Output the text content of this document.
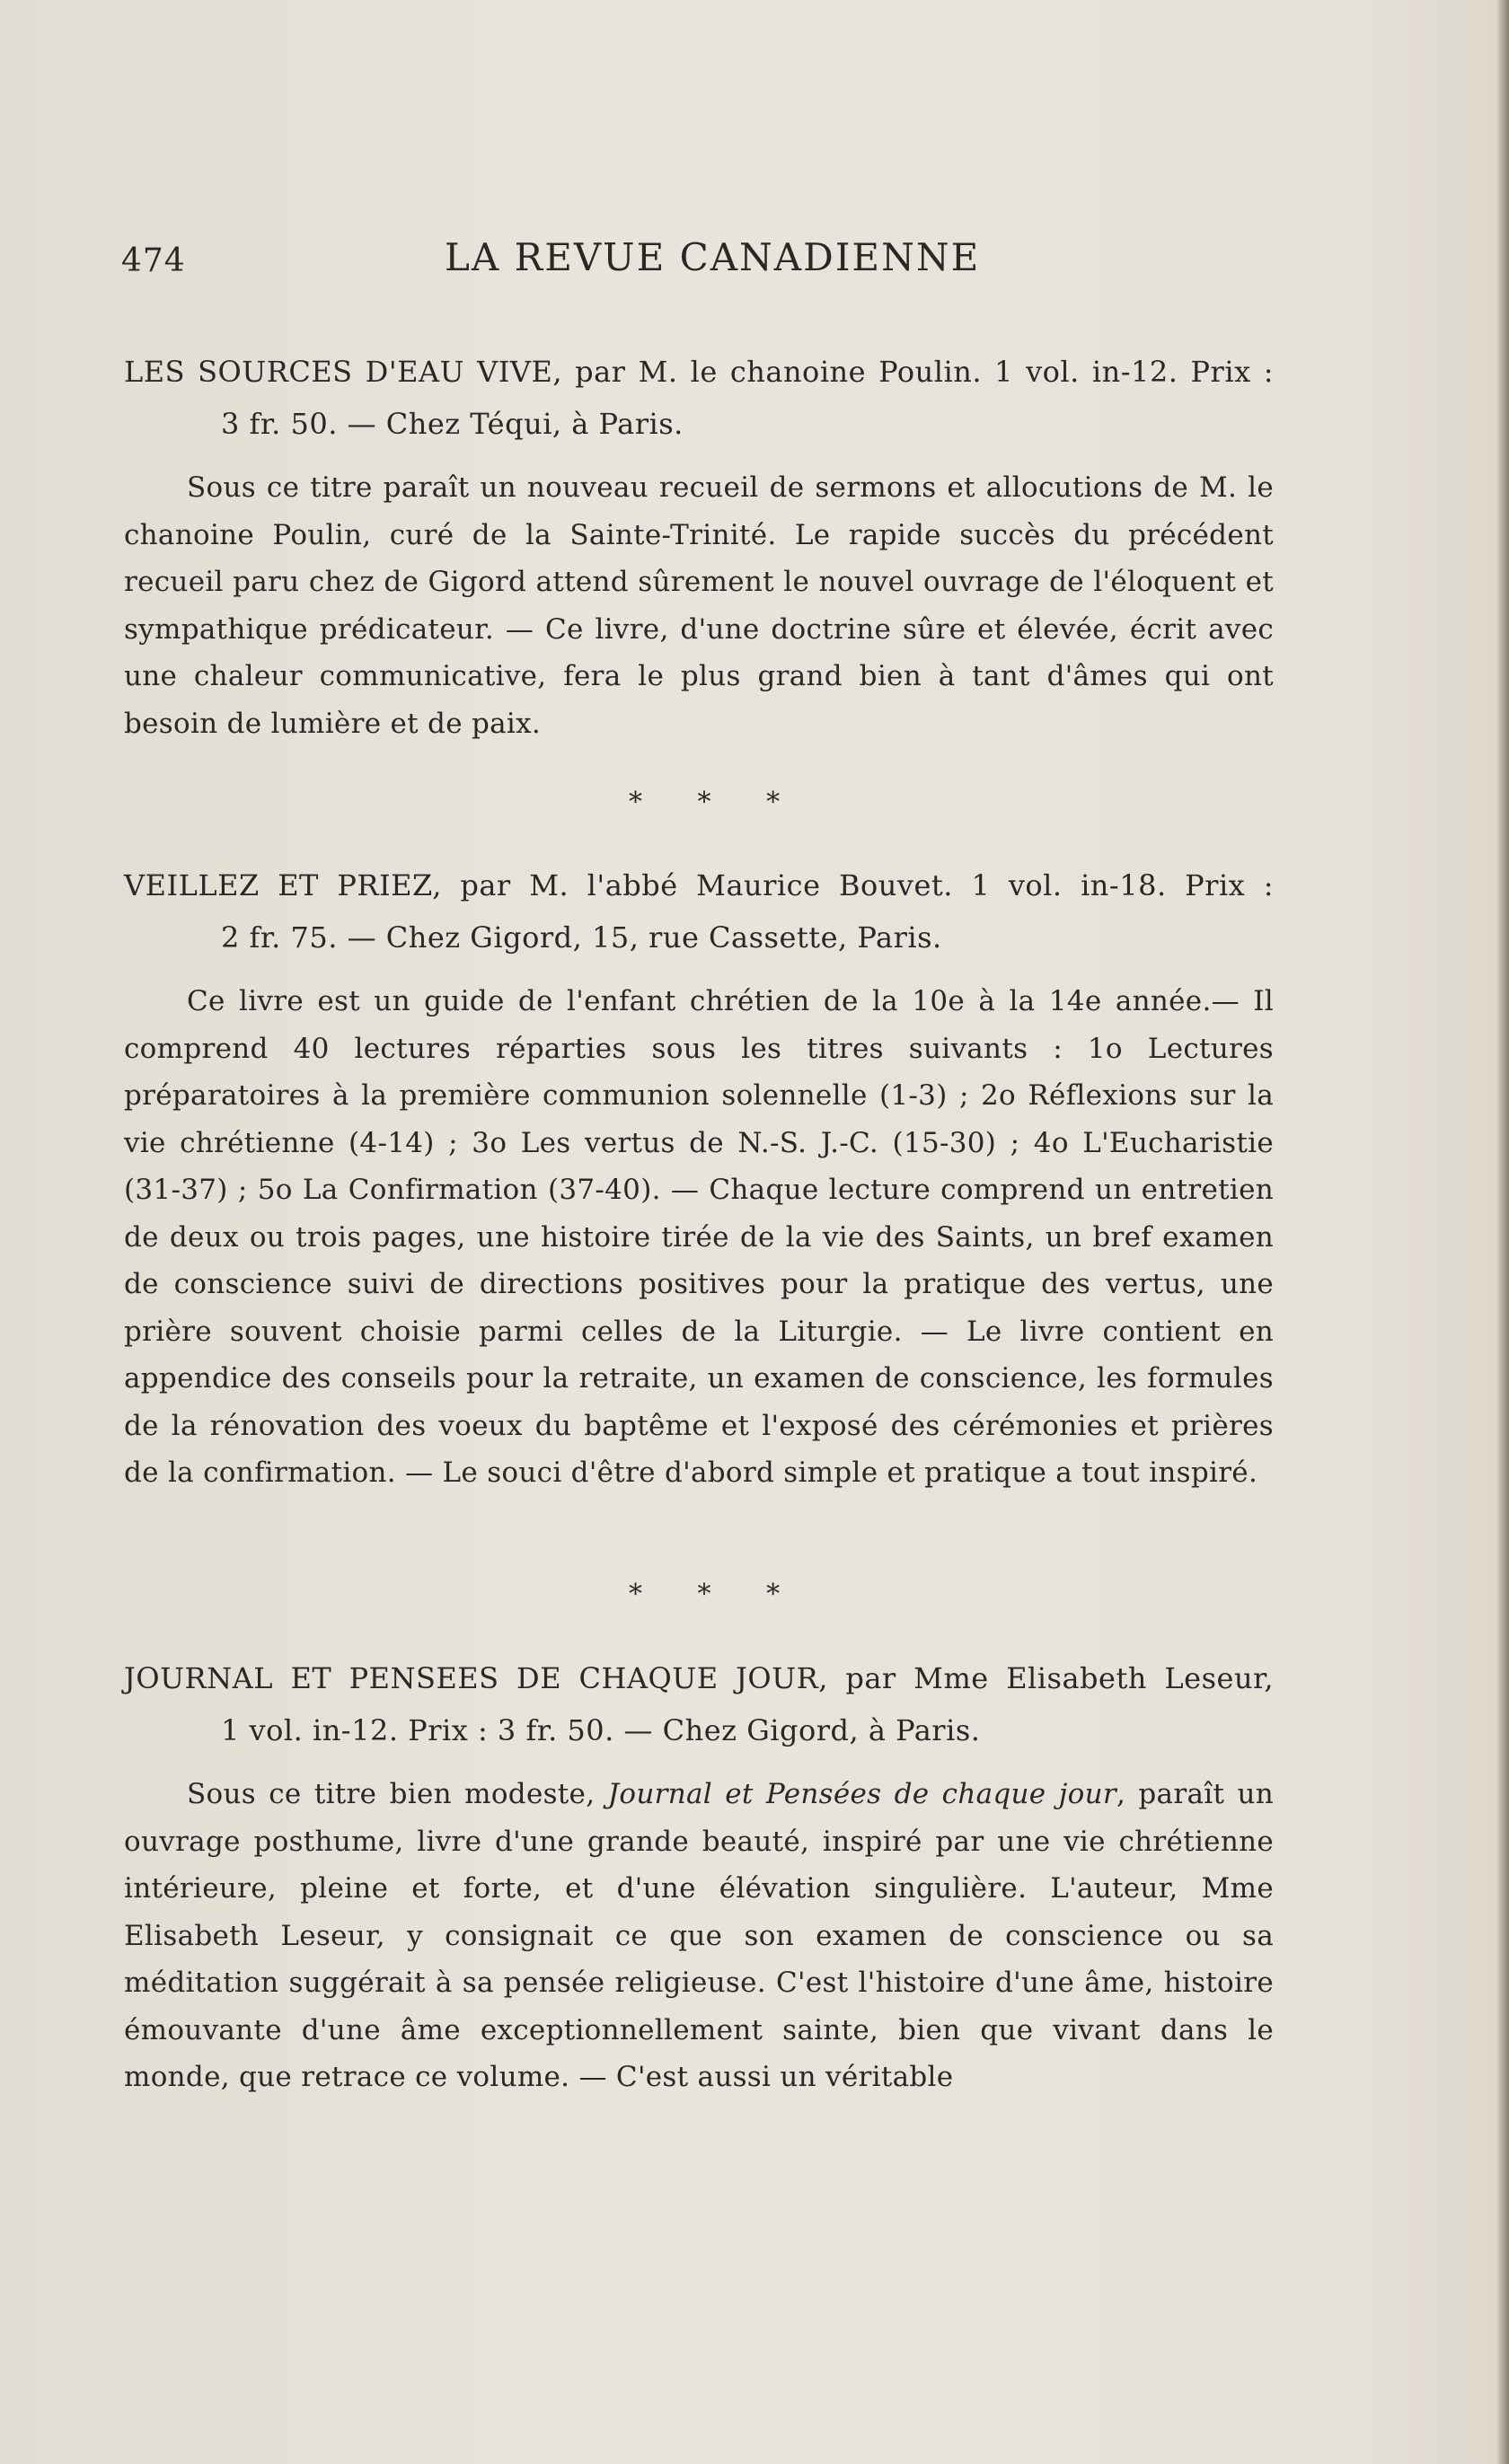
474	LA REVUE CANADIENNE
LES SOURCES D'EAU VIVE, par M. le chanoine Poulin. 1 vol. in-12. Prix :
3 fr. 50. — Chez Téqui, à Paris.

Sous ce titre paraît un nouveau recueil de sermons et allocutions de M. le chanoine Poulin, curé de la Sainte-Trinité. Le rapide succès du précédent recueil paru chez de Gigord attend sûrement le nouvel ouvrage de l'éloquent et sympathique prédicateur. — Ce livre, d'une doctrine sûre et élevée, écrit avec une chaleur communicative, fera le plus grand bien à tant d'âmes qui ont besoin de lumière et de paix.

* * *
VEILLEZ ET PRIEZ, par M. l'abbé Maurice Bouvet. 1 vol. in-18. Prix :
2 fr. 75. — Chez Gigord, 15, rue Cassette, Paris.

Ce livre est un guide de l'enfant chrétien de la 10e à la 14e année.— Il comprend 40 lectures réparties sous les titres suivants : 1o Lectures préparatoires à la première communion solennelle (1-3) ; 2o Réflexions sur la vie chrétienne (4-14) ; 3o Les vertus de N.-S. J.-C. (15-30) ; 4o L'Eucharistie (31-37) ; 5o La Confirmation (37-40). — Chaque lecture comprend un entretien de deux ou trois pages, une histoire tirée de la vie des Saints, un bref examen de conscience suivi de directions positives pour la pratique des vertus, une prière souvent choisie parmi celles de la Liturgie. — Le livre contient en appendice des conseils pour la retraite, un examen de conscience, les formules de la rénovation des voeux du baptême et l'exposé des cérémonies et prières de la confirmation. — Le souci d'être d'abord simple et pratique a tout inspiré.

* * *
JOURNAL ET PENSEES DE CHAQUE JOUR, par Mme Elisabeth Leseur,
1 vol. in-12. Prix : 3 fr. 50. — Chez Gigord, à Paris.

Sous ce titre bien modeste, Journal et Pensées de chaque jour, paraît un ouvrage posthume, livre d'une grande beauté, inspiré par une vie chrétienne intérieure, pleine et forte, et d'une élévation singulière. L'auteur, Mme Elisabeth Leseur, y consignait ce que son examen de conscience ou sa méditation suggérait à sa pensée religieuse. C'est l'histoire d'une âme, histoire émouvante d'une âme exceptionnellement sainte, bien que vivant dans le monde, que retrace ce volume. — C'est aussi un véritable
